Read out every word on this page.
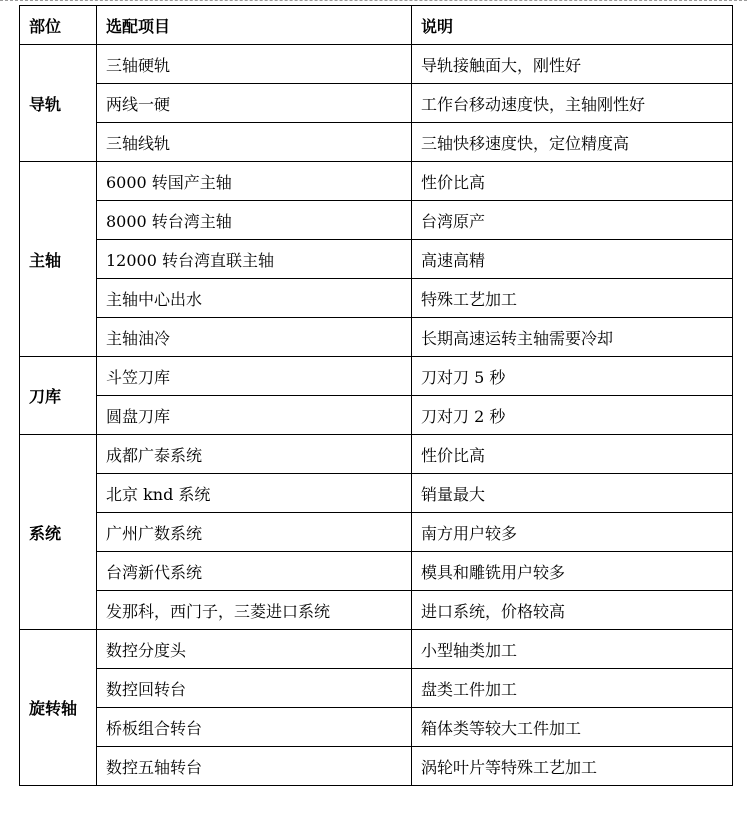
部位	选配项目	说明
导轨	三轴硬轨	导轨接触面大，刚性好
	两线一硬	工作台移动速度快，主轴刚性好
	三轴线轨	三轴快移速度快，定位精度高
主轴	6000 转国产主轴	性价比高
	8000 转台湾主轴	台湾原产
	12000 转台湾直联主轴	高速高精
	主轴中心出水	特殊工艺加工
	主轴油冷	长期高速运转主轴需要冷却
刀库	斗笠刀库	刀对刀 5 秒
	圆盘刀库	刀对刀 2 秒
系统	成都广泰系统	性价比高
	北京 knd 系统	销量最大
	广州广数系统	南方用户较多
	台湾新代系统	模具和雕铣用户较多
	发那科，西门子，三菱进口系统	进口系统，价格较高
旋转轴	数控分度头	小型轴类加工
	数控回转台	盘类工件加工
	桥板组合转台	箱体类等较大工件加工
	数控五轴转台	涡轮叶片等特殊工艺加工
